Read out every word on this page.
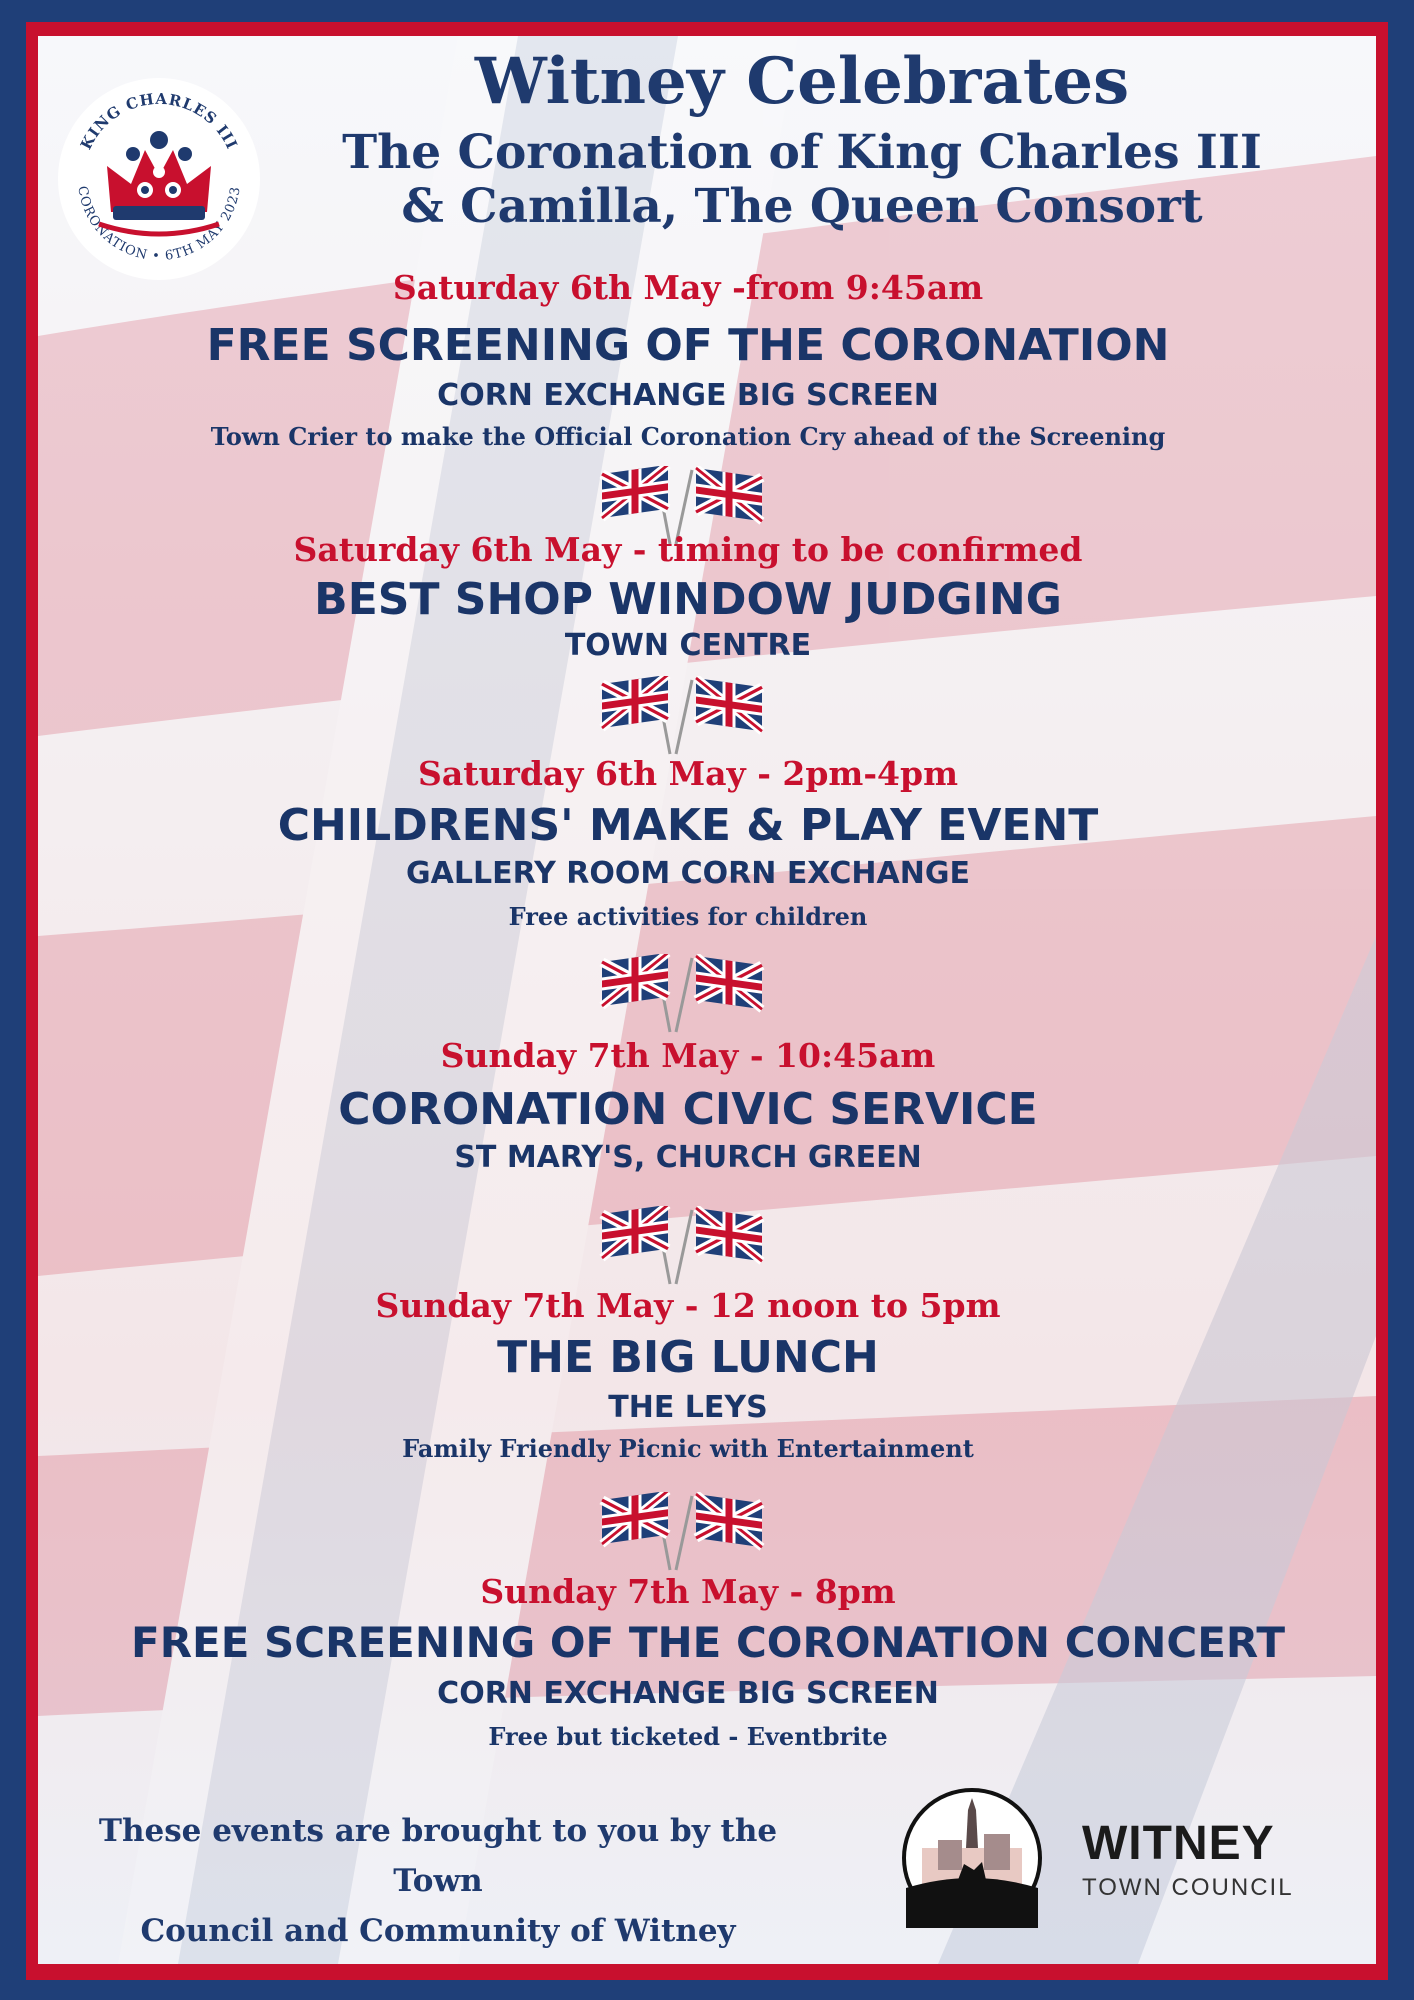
KING CHARLES III
CORONATION • 6TH MAY 2023
Witney Celebrates
The Coronation of King Charles III
& Camilla, The Queen Consort
Saturday 6th May -from 9:45am
FREE SCREENING OF THE CORONATION
CORN EXCHANGE BIG SCREEN
Town Crier to make the Official Coronation Cry ahead of the Screening
Saturday 6th May - timing to be confirmed
BEST SHOP WINDOW JUDGING
TOWN CENTRE
Saturday 6th May - 2pm-4pm
CHILDRENS' MAKE & PLAY EVENT
GALLERY ROOM CORN EXCHANGE
Free activities for children
Sunday 7th May - 10:45am
CORONATION CIVIC SERVICE
ST MARY'S, CHURCH GREEN
Sunday 7th May - 12 noon to 5pm
THE BIG LUNCH
THE LEYS
Family Friendly Picnic with Entertainment
Sunday 7th May - 8pm
FREE SCREENING OF THE CORONATION CONCERT
CORN EXCHANGE BIG SCREEN
Free but ticketed - Eventbrite
These events are brought to you by the Town
Council and Community of Witney
WITNEY
TOWN COUNCIL
